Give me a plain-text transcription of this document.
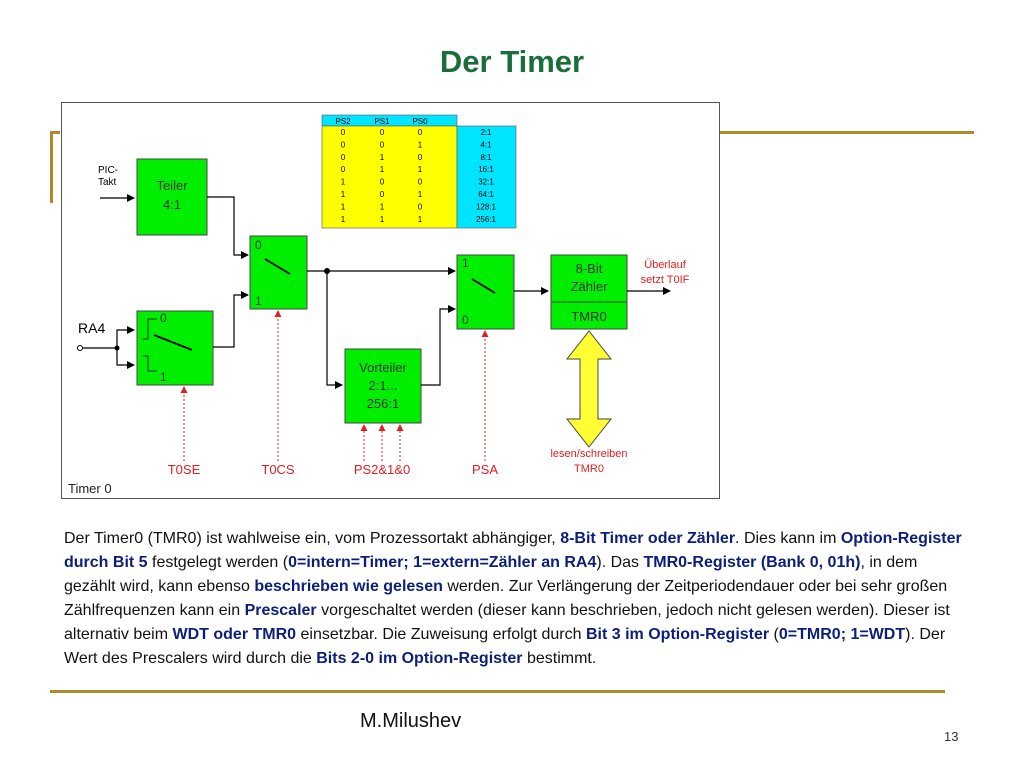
Der Timer
PS2	PS1	PS0
0	0	0	2:1
0	0	1	4:1
0	1	0	8:1
0	1	1	16:1
1	0	0	32:1
1	0	1	64:1
1	1	0	128:1
1	1	1	256:1
PIC-
Takt	Teiler
4:1
RA4
0
1
0
1
Vorteiler
2:1...
256:1
1
0
8-Bit
Zähler
TMR0
Überlauf
setzt T0IF
lesen/schreiben
TMR0
T0SE	T0CS	PS2&1&0	PSA
Timer 0
Der Timer0 (TMR0) ist wahlweise ein, vom Prozessortakt abhängiger, 8-Bit Timer oder Zähler. Dies kann im Option-Register durch Bit 5 festgelegt werden (0=intern=Timer; 1=extern=Zähler an RA4). Das TMR0-Register (Bank 0, 01h), in dem gezählt wird, kann ebenso beschrieben wie gelesen werden. Zur Verlängerung der Zeitperiodendauer oder bei sehr großen Zählfrequenzen kann ein Prescaler vorgeschaltet werden (dieser kann beschrieben, jedoch nicht gelesen werden). Dieser ist alternativ beim WDT oder TMR0 einsetzbar. Die Zuweisung erfolgt durch Bit 3 im Option-Register (0=TMR0; 1=WDT). Der Wert des Prescalers wird durch die Bits 2-0 im Option-Register bestimmt.
M.Milushev
13
